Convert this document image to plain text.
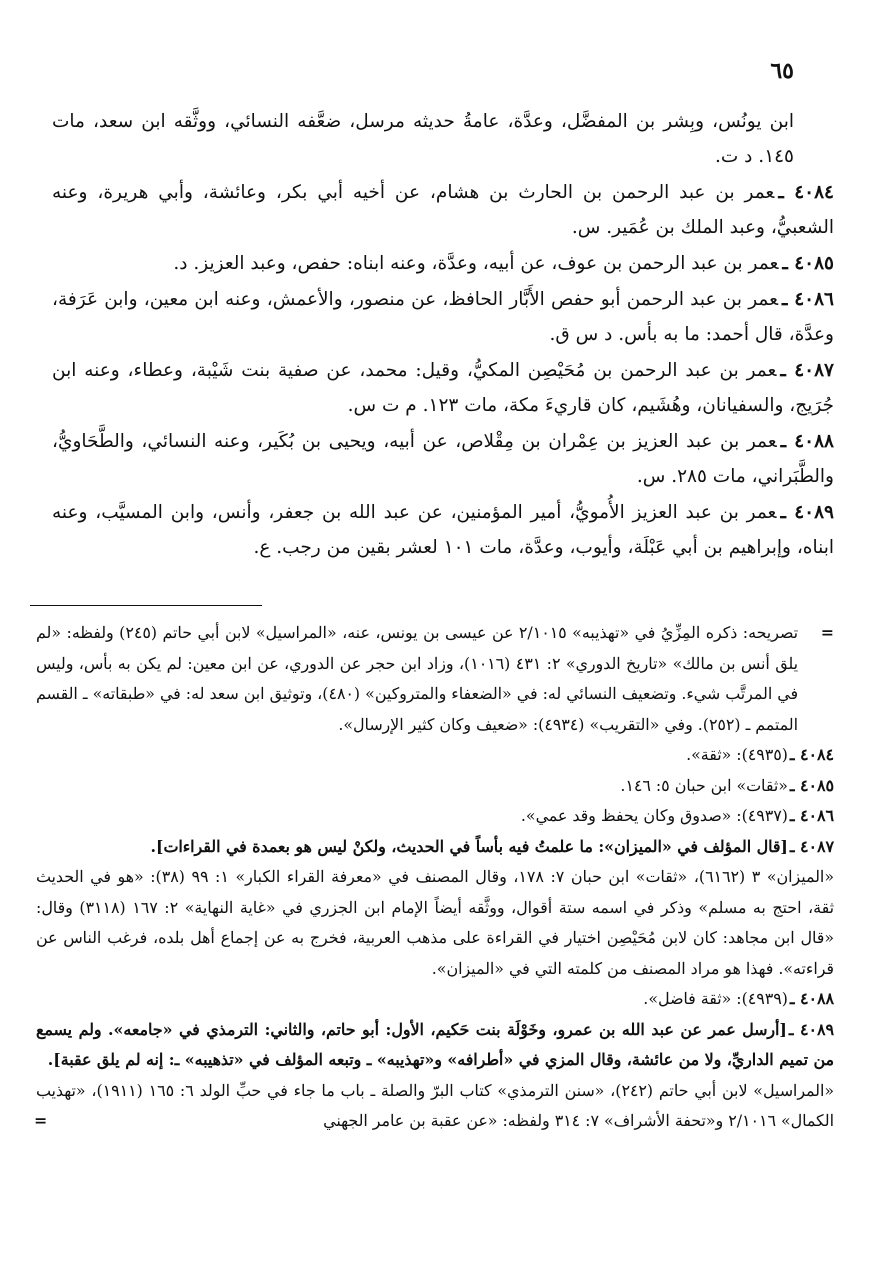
٦٥

ابن يونُس، وبِشر بن المفضَّل، وعدَّة، عامةُ حديثه مرسل، ضعَّفه النسائي، ووثَّقه ابن سعد، مات ١٤٥. د ت.

٤٠٨٤ ـعمر بن عبد الرحمن بن الحارث بن هشام، عن أخيه أبي بكر، وعائشة، وأبي هريرة، وعنه الشعبيُّ، وعبد الملك بن عُمَير. س.

٤٠٨٥ ـعمر بن عبد الرحمن بن عوف، عن أبيه، وعدَّة، وعنه ابناه: حفص، وعبد العزيز. د.

٤٠٨٦ ـعمر بن عبد الرحمن أبو حفص الأَبَّار الحافظ، عن منصور، والأعمش، وعنه ابن معين، وابن عَرَفة، وعدَّة، قال أحمد: ما به بأس. د س ق.

٤٠٨٧ ـعمر بن عبد الرحمن بن مُحَيْصِن المكيُّ، وقيل: محمد، عن صفية بنت شَيْبة، وعطاء، وعنه ابن جُرَيج، والسفيانان، وهُشَيم، كان قاريءَ مكة، مات ١٢٣. م ت س.

٤٠٨٨ ـعمر بن عبد العزيز بن عِمْران بن مِقْلاص، عن أبيه، ويحيى بن بُكَير، وعنه النسائي، والطَّحَاويُّ، والطَّبَراني، مات ٢٨٥. س.

٤٠٨٩ ـعمر بن عبد العزيز الأُمويُّ، أمير المؤمنين، عن عبد الله بن جعفر، وأنس، وابن المسيَّب، وعنه ابناه، وإبراهيم بن أبي عَبْلَة، وأيوب، وعدَّة، مات ١٠١ لعشر بقين من رجب. ع.

=
تصريحه: ذكره المِزِّيُ في «تهذيبه» ٢/١٠١٥ عن عيسى بن يونس، عنه، «المراسيل» لابن أبي حاتم (٢٤٥) ولفظه: «لم يلق أنس بن مالك» «تاريخ الدوري» ٢: ٤٣١ (١٠١٦)، وزاد ابن حجر عن الدوري، عن ابن معين: لم يكن به بأس، وليس في المرتَّب شيء. وتضعيف النسائي له: في «الضعفاء والمتروكين» (٤٨٠)، وتوثيق ابن سعد له: في «طبقاته» ـ القسم المتمم ـ (٢٥٢). وفي «التقريب» (٤٩٣٤): «ضعيف وكان كثير الإرسال».

٤٠٨٤ ـ(٤٩٣٥): «ثقة».

٤٠٨٥ ـ«ثقات» ابن حبان ٥: ١٤٦.

٤٠٨٦ ـ(٤٩٣٧): «صدوق وكان يحفظ وقد عمي».

٤٠٨٧ ـ[قال المؤلف في «الميزان»: ما علمتُ فيه بأساً في الحديث، ولكنْ ليس هو بعمدة في القراءات].
«الميزان» ٣ (٦١٦٢)، «ثقات» ابن حبان ٧: ١٧٨، وقال المصنف في «معرفة القراء الكبار» ١: ٩٩ (٣٨): «هو في الحديث ثقة، احتج به مسلم» وذكر في اسمه ستة أقوال، ووثَّقه أيضاً الإمام ابن الجزري في «غاية النهاية» ٢: ١٦٧ (٣١١٨) وقال: «قال ابن مجاهد: كان لابن مُحَيْصِن اختيار في القراءة على مذهب العربية، فخرج به عن إجماع أهل بلده، فرغب الناس عن قراءته». فهذا هو مراد المصنف من كلمته التي في «الميزان».

٤٠٨٨ ـ(٤٩٣٩): «ثقة فاضل».

٤٠٨٩ ـ[أرسل عمر عن عبد الله بن عمرو، وخَوْلَة بنت حَكيم، الأول: أبو حاتم، والثاني: الترمذي في «جامعه». ولم يسمع من تميم الداريِّ، ولا من عائشة، وقال المزي في «أطرافه» و«تهذيبه» ـ وتبعه المؤلف في «تذهيبه» ـ: إنه لم يلق عقبة].
«المراسيل» لابن أبي حاتم (٢٤٢)، «سنن الترمذي» كتاب البرّ والصلة ـ باب ما جاء في حبِّ الولد ٦: ١٦٥ (١٩١١)، «تهذيب الكمال» ٢/١٠١٦ و«تحفة الأشراف» ٧: ٣١٤ ولفظه: «عن عقبة بن عامر الجهني
=
